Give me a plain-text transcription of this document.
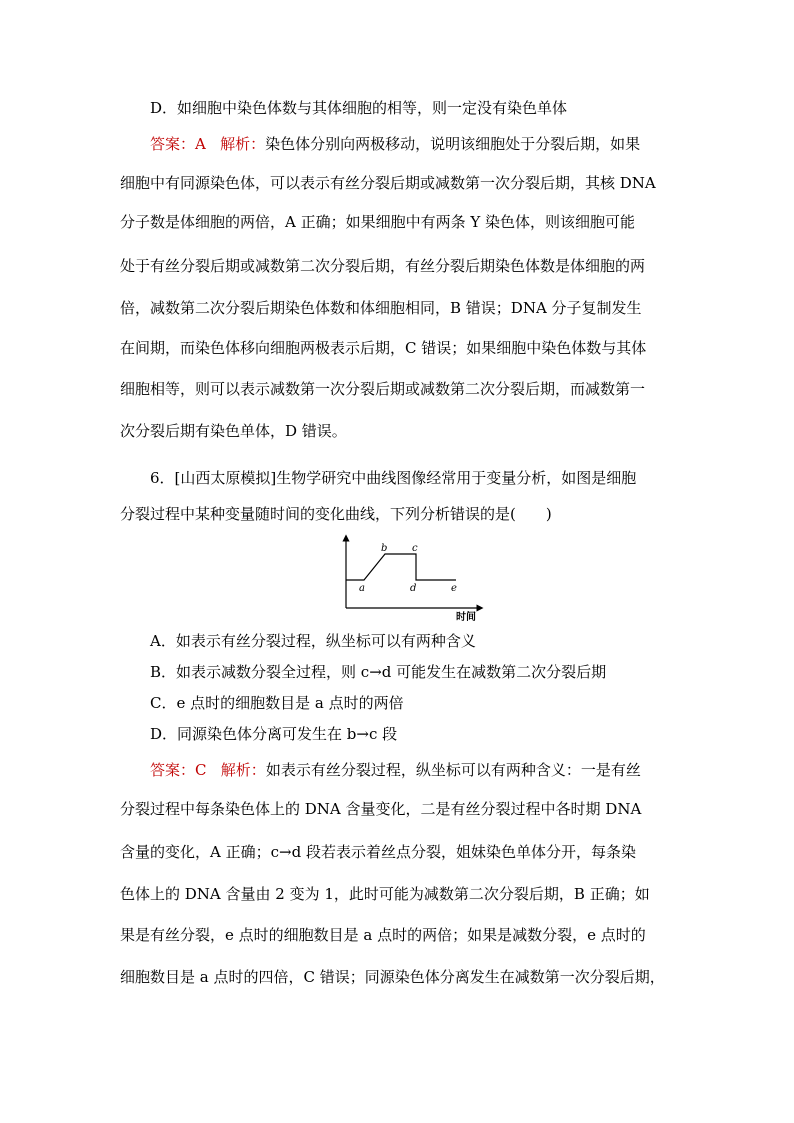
D．如细胞中染色体数与其体细胞的相等，则一定没有染色单体
答案：A 解析：染色体分别向两极移动，说明该细胞处于分裂后期，如果
细胞中有同源染色体，可以表示有丝分裂后期或减数第一次分裂后期，其核 DNA
分子数是体细胞的两倍，A 正确；如果细胞中有两条 Y 染色体，则该细胞可能
处于有丝分裂后期或减数第二次分裂后期，有丝分裂后期染色体数是体细胞的两
倍，减数第二次分裂后期染色体数和体细胞相同，B 错误；DNA 分子复制发生
在间期，而染色体移向细胞两极表示后期，C 错误；如果细胞中染色体数与其体
细胞相等，则可以表示减数第一次分裂后期或减数第二次分裂后期，而减数第一
次分裂后期有染色单体，D 错误。
6．[山西太原模拟]生物学研究中曲线图像经常用于变量分析，如图是细胞
分裂过程中某种变量随时间的变化曲线，下列分析错误的是(　　)
a
b c
d	e
时间
A．如表示有丝分裂过程，纵坐标可以有两种含义
B．如表示减数分裂全过程，则 c→d 可能发生在减数第二次分裂后期
C．e 点时的细胞数目是 a 点时的两倍
D．同源染色体分离可发生在 b→c 段
答案：C 解析：如表示有丝分裂过程，纵坐标可以有两种含义：一是有丝
分裂过程中每条染色体上的 DNA 含量变化，二是有丝分裂过程中各时期 DNA
含量的变化，A 正确；c→d 段若表示着丝点分裂，姐妹染色单体分开，每条染
色体上的 DNA 含量由 2 变为 1，此时可能为减数第二次分裂后期，B 正确；如
果是有丝分裂，e 点时的细胞数目是 a 点时的两倍；如果是减数分裂，e 点时的
细胞数目是 a 点时的四倍，C 错误；同源染色体分离发生在减数第一次分裂后期，
